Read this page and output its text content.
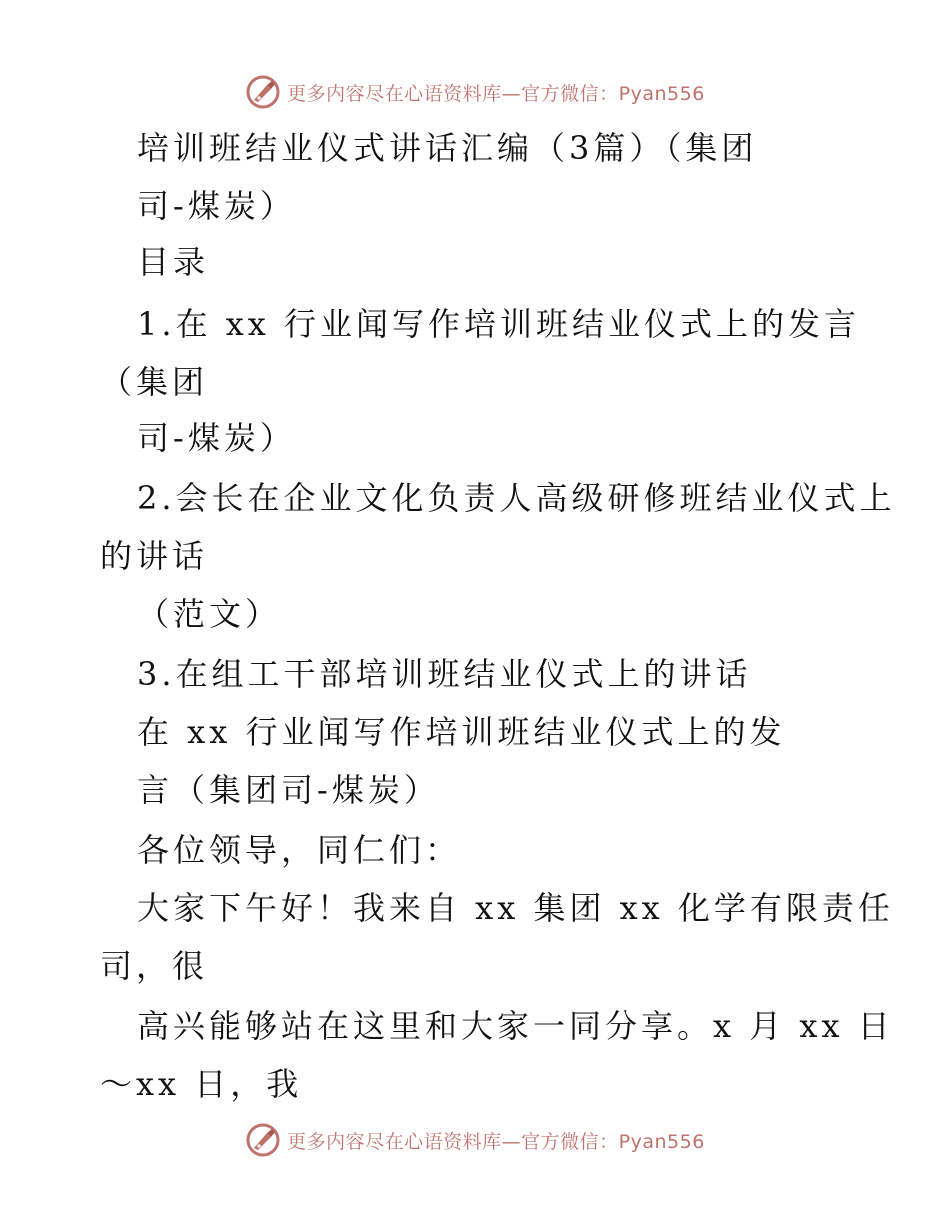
更多内容尽在心语资料库—官方微信：Pyan556
培训班结业仪式讲话汇编（3篇）（集团
司-煤炭）
目录
1.在 xx 行业闻写作培训班结业仪式上的发言
（集团
司-煤炭）
2.会长在企业文化负责人高级研修班结业仪式上
的讲话
（范文）
3.在组工干部培训班结业仪式上的讲话
在 xx 行业闻写作培训班结业仪式上的发
言（集团司-煤炭）
各位领导，同仁们：
大家下午好！我来自 xx 集团 xx 化学有限责任
司，很
高兴能够站在这里和大家一同分享。x 月 xx 日
～xx 日，我
更多内容尽在心语资料库—官方微信：Pyan556
